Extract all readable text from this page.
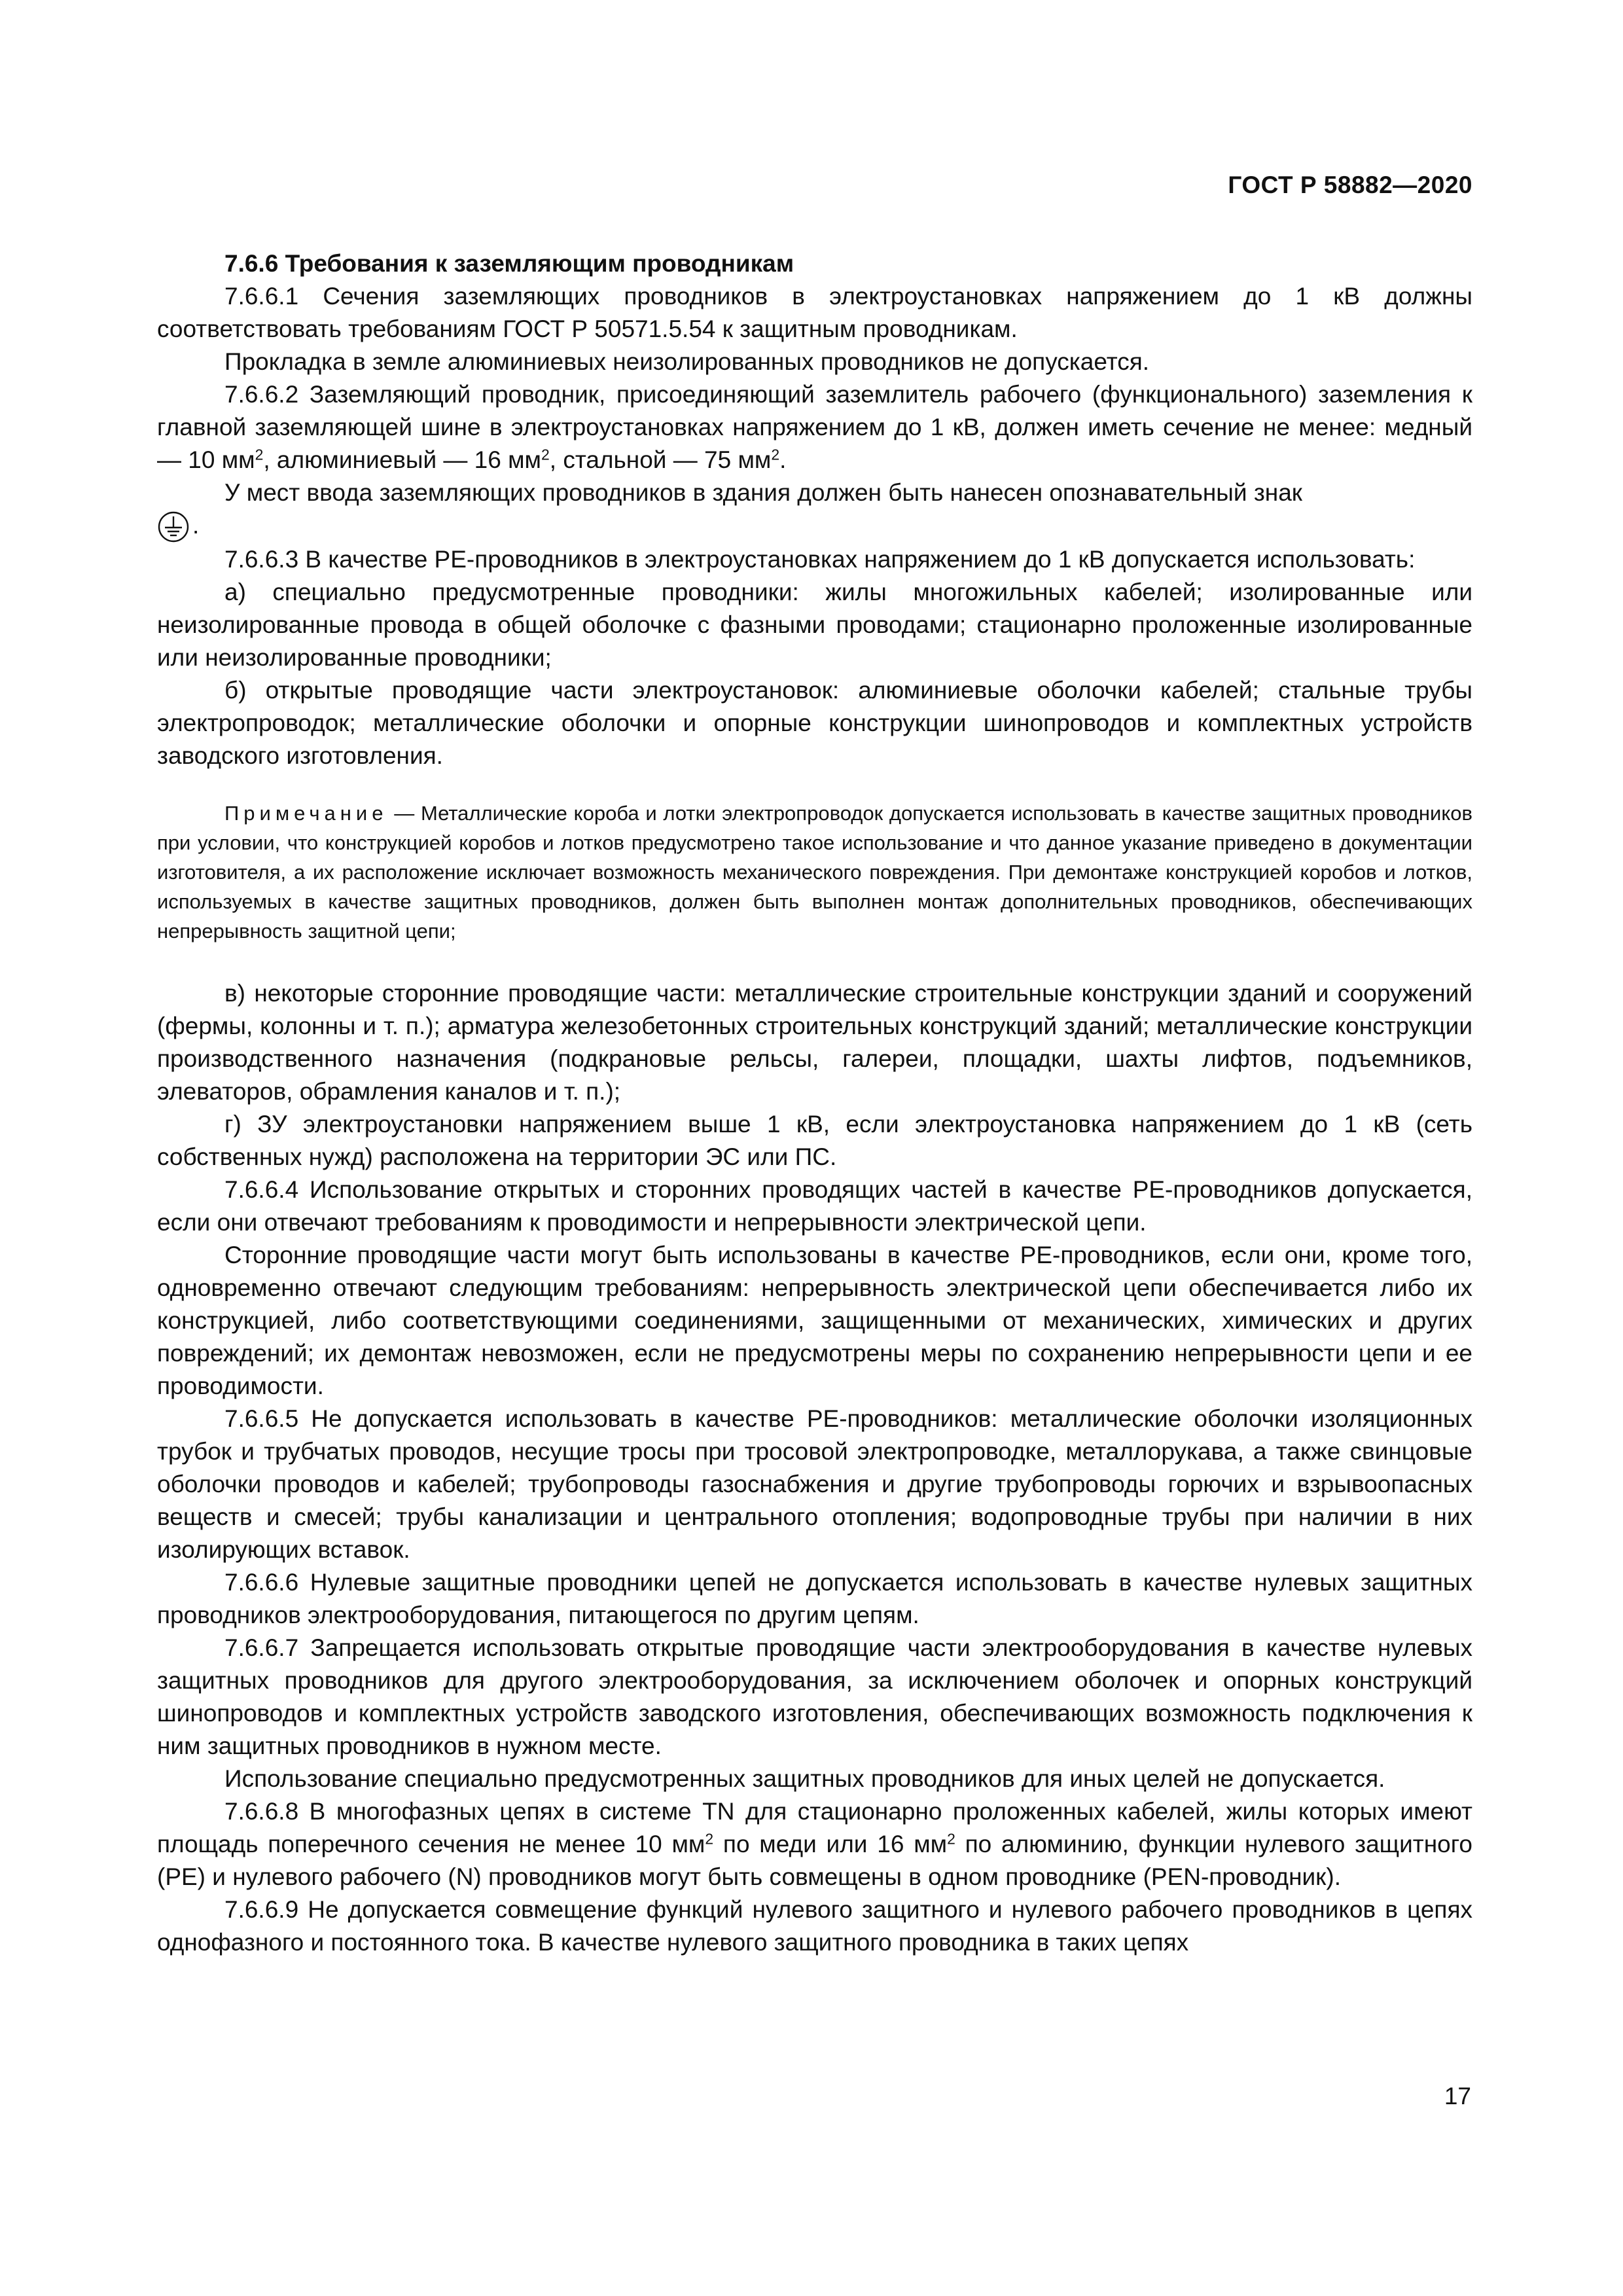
ГОСТ Р 58882—2020

7.6.6 Требования к заземляющим проводникам

7.6.6.1 Сечения заземляющих проводников в электроустановках напряжением до 1 кВ должны соответствовать требованиям ГОСТ Р 50571.5.54 к защитным проводникам.

Прокладка в земле алюминиевых неизолированных проводников не допускается.

7.6.6.2 Заземляющий проводник, присоединяющий заземлитель рабочего (функционального) заземления к главной заземляющей шине в электроустановках напряжением до 1 кВ, должен иметь сечение не менее: медный — 10 $мм^2$, алюминиевый — 16 $мм^2$, стальной — 75 $мм^2$.

У мест ввода заземляющих проводников в здания должен быть нанесен опознавательный знак

.

7.6.6.3 В качестве PE-проводников в электроустановках напряжением до 1 кВ допускается использовать:

а) специально предусмотренные проводники: жилы многожильных кабелей; изолированные или неизолированные провода в общей оболочке с фазными проводами; стационарно проложенные изолированные или неизолированные проводники;

б) открытые проводящие части электроустановок: алюминиевые оболочки кабелей; стальные трубы электропроводок; металлические оболочки и опорные конструкции шинопроводов и комплектных устройств заводского изготовления.

Примечание — Металлические короба и лотки электропроводок допускается использовать в качестве защитных проводников при условии, что конструкцией коробов и лотков предусмотрено такое использование и что данное указание приведено в документации изготовителя, а их расположение исключает возможность механического повреждения. При демонтаже конструкцией коробов и лотков, используемых в качестве защитных проводников, должен быть выполнен монтаж дополнительных проводников, обеспечивающих непрерывность защитной цепи;

в) некоторые сторонние проводящие части: металлические строительные конструкции зданий и сооружений (фермы, колонны и т. п.); арматура железобетонных строительных конструкций зданий; металлические конструкции производственного назначения (подкрановые рельсы, галереи, площадки, шахты лифтов, подъемников, элеваторов, обрамления каналов и т. п.);

г) ЗУ электроустановки напряжением выше 1 кВ, если электроустановка напряжением до 1 кВ (сеть собственных нужд) расположена на территории ЭС или ПС.

7.6.6.4 Использование открытых и сторонних проводящих частей в качестве PE-проводников допускается, если они отвечают требованиям к проводимости и непрерывности электрической цепи.

Сторонние проводящие части могут быть использованы в качестве PE-проводников, если они, кроме того, одновременно отвечают следующим требованиям: непрерывность электрической цепи обеспечивается либо их конструкцией, либо соответствующими соединениями, защищенными от механических, химических и других повреждений; их демонтаж невозможен, если не предусмотрены меры по сохранению непрерывности цепи и ее проводимости.

7.6.6.5 Не допускается использовать в качестве PE-проводников: металлические оболочки изоляционных трубок и трубчатых проводов, несущие тросы при тросовой электропроводке, металлорукава, а также свинцовые оболочки проводов и кабелей; трубопроводы газоснабжения и другие трубопроводы горючих и взрывоопасных веществ и смесей; трубы канализации и центрального отопления; водопроводные трубы при наличии в них изолирующих вставок.

7.6.6.6 Нулевые защитные проводники цепей не допускается использовать в качестве нулевых защитных проводников электрооборудования, питающегося по другим цепям.

7.6.6.7 Запрещается использовать открытые проводящие части электрооборудования в качестве нулевых защитных проводников для другого электрооборудования, за исключением оболочек и опорных конструкций шинопроводов и комплектных устройств заводского изготовления, обеспечивающих возможность подключения к ним защитных проводников в нужном месте.

Использование специально предусмотренных защитных проводников для иных целей не допускается.

7.6.6.8 В многофазных цепях в системе TN для стационарно проложенных кабелей, жилы которых имеют площадь поперечного сечения не менее 10 $мм^2$ по меди или 16 $мм^2$ по алюминию, функции нулевого защитного (PE) и нулевого рабочего (N) проводников могут быть совмещены в одном проводнике (PEN-проводник).

7.6.6.9 Не допускается совмещение функций нулевого защитного и нулевого рабочего проводников в цепях однофазного и постоянного тока. В качестве нулевого защитного проводника в таких цепях

17
